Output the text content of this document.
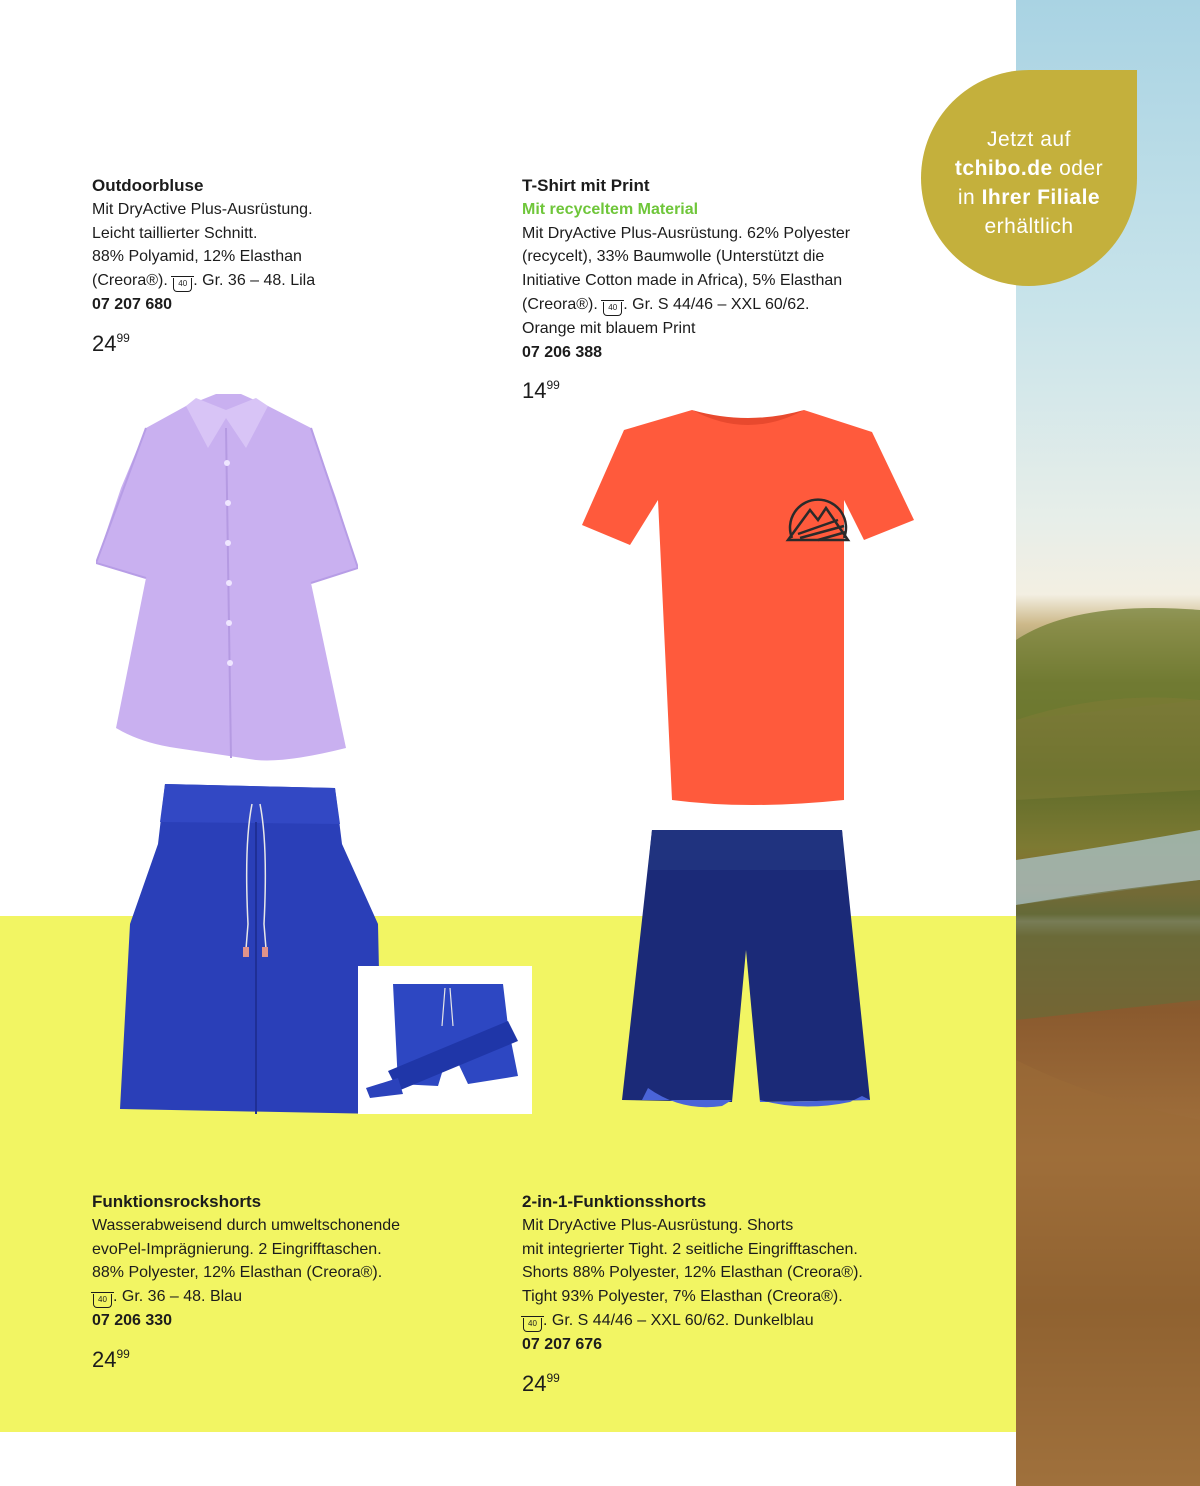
Jetzt auf
tchibo.de oder
in Ihrer Filiale
erhältlich
Outdoorbluse
Mit DryActive Plus-Ausrüstung.
Leicht taillierter Schnitt.
88% Polyamid, 12% Elasthan
(Creora®). 40 . Gr. 36 – 48. Lila
07 207 680
$24^{99}$
T-Shirt mit Print
Mit recyceltem Material
Mit DryActive Plus-Ausrüstung. 62% Polyester
(recycelt), 33% Baumwolle (Unterstützt die
Initiative Cotton made in Africa), 5% Elasthan
(Creora®). 40 . Gr. S 44/46 – XXL 60/62.
Orange mit blauem Print
07 206 388
$14^{99}$
Funktionsrockshorts
Wasserabweisend durch umweltschonende
evoPel-Imprägnierung. 2 Eingrifftaschen.
88% Polyester, 12% Elasthan (Creora®).
40 . Gr. 36 – 48. Blau
07 206 330
$24^{99}$
2-in-1-Funktionsshorts
Mit DryActive Plus-Ausrüstung. Shorts
mit integrierter Tight. 2 seitliche Eingrifftaschen.
Shorts 88% Polyester, 12% Elasthan (Creora®).
Tight 93% Polyester, 7% Elasthan (Creora®).
40 . Gr. S 44/46 – XXL 60/62. Dunkelblau
07 207 676
$24^{99}$
